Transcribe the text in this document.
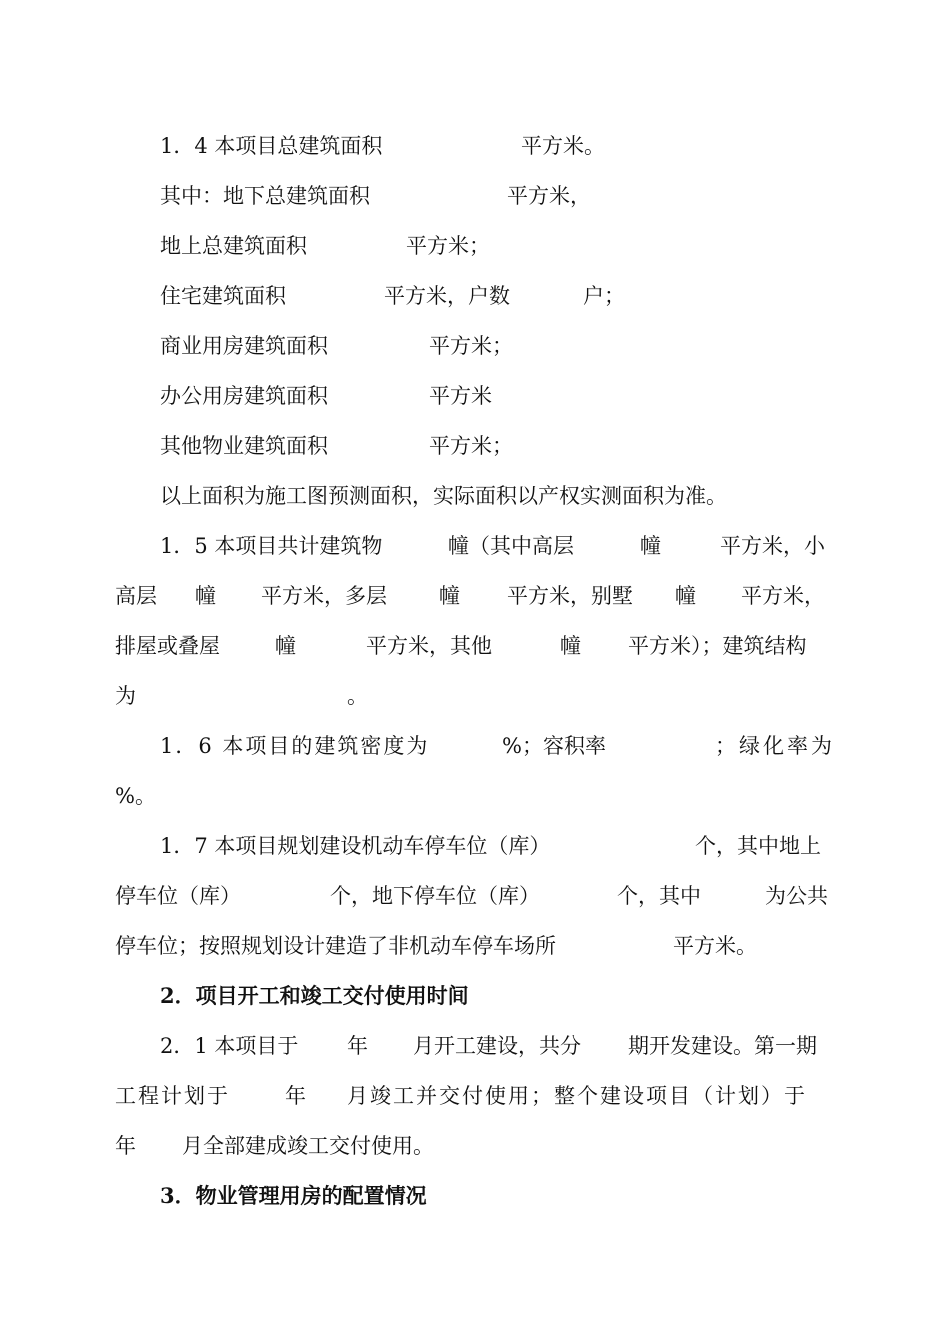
1．4 本项目总建筑面积	平方米。
其中：地下总建筑面积	平方米，
地上总建筑面积	平方米；
住宅建筑面积	平方米，户数	户；
商业用房建筑面积	平方米；
办公用房建筑面积	平方米
其他物业建筑面积	平方米；
以上面积为施工图预测面积，实际面积以产权实测面积为准。
1．5 本项目共计建筑物	幢（其中高层	幢	平方米，小
高层 幢 平方米，多层 幢 平方米，别墅 幢 平方米，
排屋或叠屋	幢	平方米，其他	幢 平方米）；建筑结构
为	。
1．6 本项目的建筑密度为	%；容积率	；绿化率为
%。
1．7 本项目规划建设机动车停车位（库）	个，其中地上
停车位（库）	个，地下停车位（库）	个，其中	为公共
停车位；按照规划设计建造了非机动车停车场所	平方米。
2．项目开工和竣工交付使用时间
2．1 本项目于 年 月开工建设，共分 期开发建设。第一期
工程计划于	年 月竣工并交付使用；整个建设项目（计划）于
年 月全部建成竣工交付使用。
3．物业管理用房的配置情况
